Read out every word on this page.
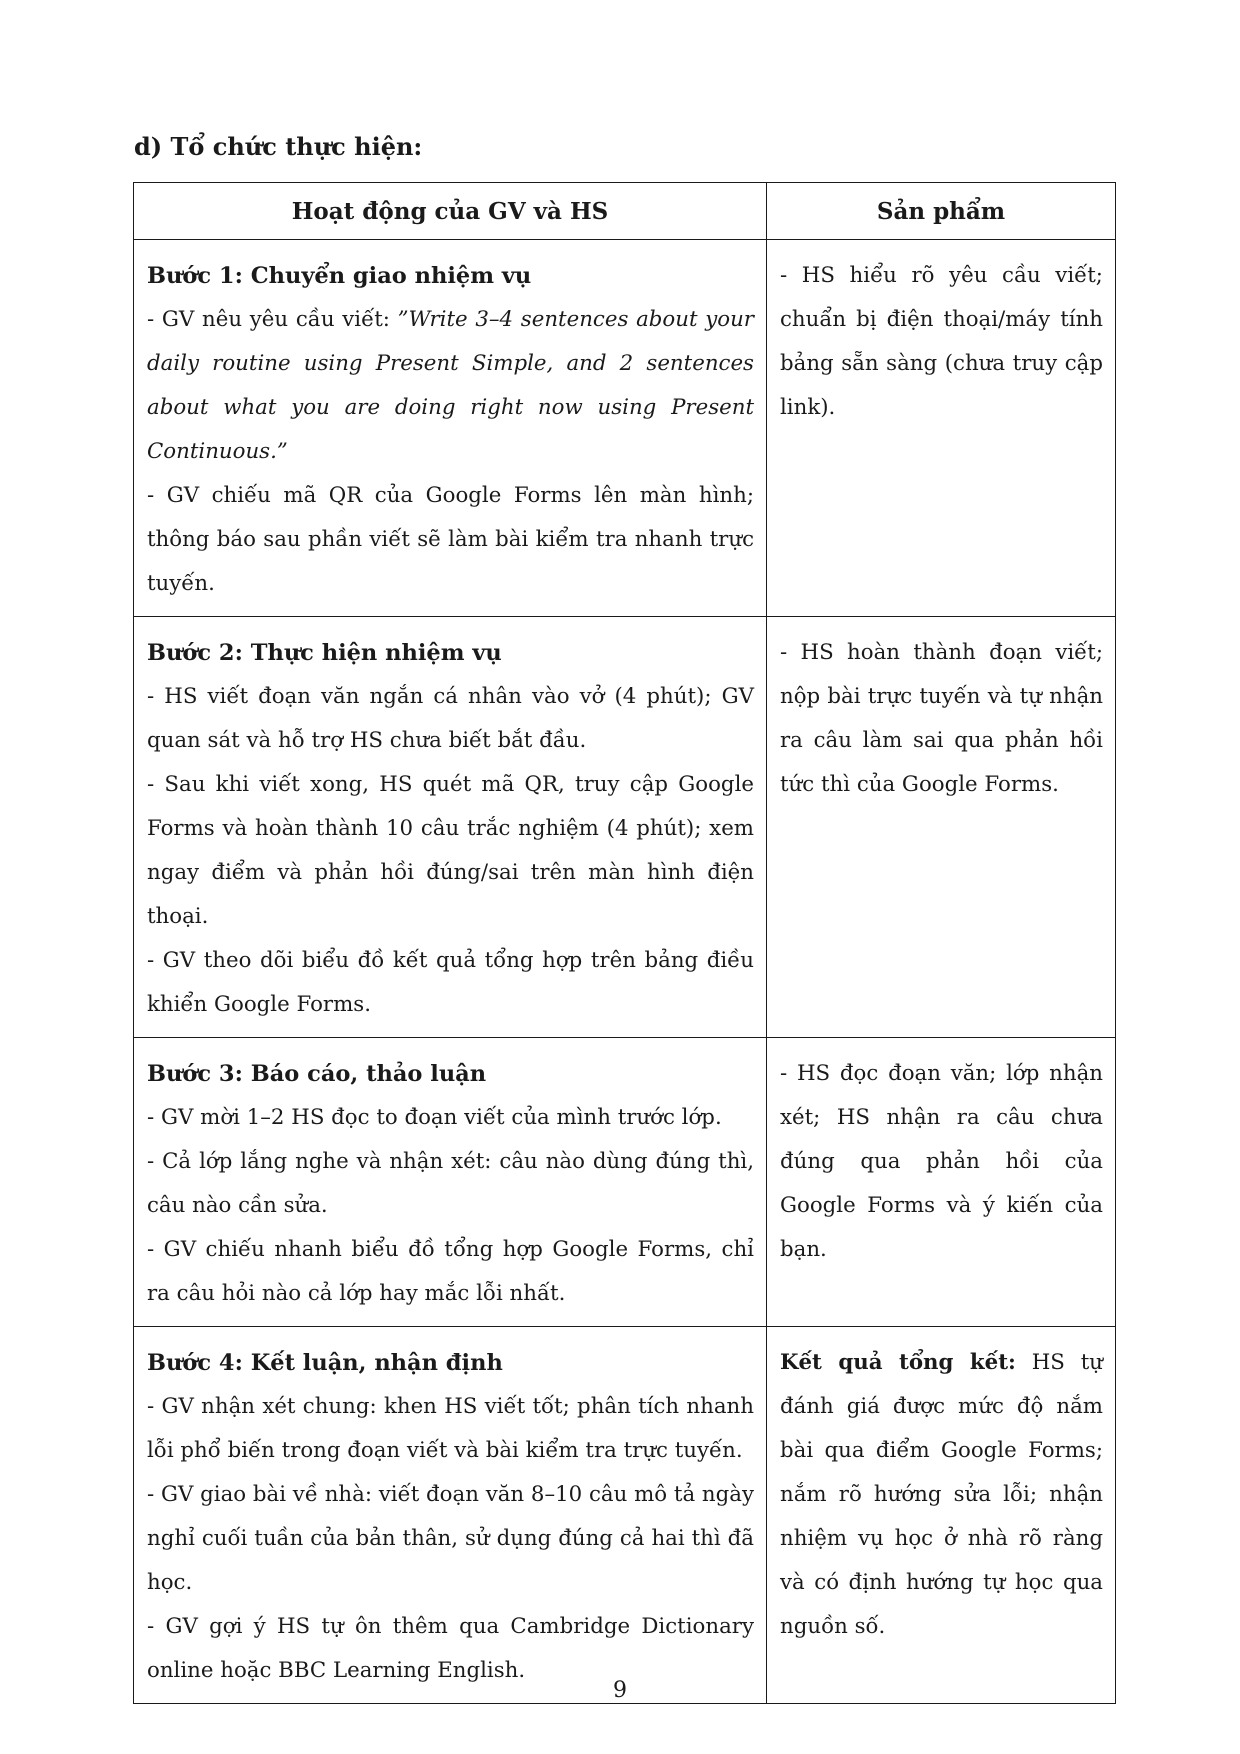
d) Tổ chức thực hiện:
Hoạt động của GV và HS	Sản phẩm

Bước 1: Chuyển giao nhiệm vụ
- GV nêu yêu cầu viết: ”Write 3–4 sentences about your daily routine using Present Simple, and 2 sentences about what you are doing right now using Present Continuous.”
- GV chiếu mã QR của Google Forms lên màn hình; thông báo sau phần viết sẽ làm bài kiểm tra nhanh trực tuyến.	- HS hiểu rõ yêu cầu viết; chuẩn bị điện thoại/máy tính bảng sẵn sàng (chưa truy cập link).

Bước 2: Thực hiện nhiệm vụ
- HS viết đoạn văn ngắn cá nhân vào vở (4 phút); GV quan sát và hỗ trợ HS chưa biết bắt đầu.
- Sau khi viết xong, HS quét mã QR, truy cập Google Forms và hoàn thành 10 câu trắc nghiệm (4 phút); xem ngay điểm và phản hồi đúng/sai trên màn hình điện thoại.
- GV theo dõi biểu đồ kết quả tổng hợp trên bảng điều khiển Google Forms.	- HS hoàn thành đoạn viết; nộp bài trực tuyến và tự nhận ra câu làm sai qua phản hồi tức thì của Google Forms.

Bước 3: Báo cáo, thảo luận
- GV mời 1–2 HS đọc to đoạn viết của mình trước lớp.
- Cả lớp lắng nghe và nhận xét: câu nào dùng đúng thì, câu nào cần sửa.
- GV chiếu nhanh biểu đồ tổng hợp Google Forms, chỉ ra câu hỏi nào cả lớp hay mắc lỗi nhất.	- HS đọc đoạn văn; lớp nhận xét; HS nhận ra câu chưa đúng qua phản hồi của Google Forms và ý kiến của bạn.

Bước 4: Kết luận, nhận định
- GV nhận xét chung: khen HS viết tốt; phân tích nhanh lỗi phổ biến trong đoạn viết và bài kiểm tra trực tuyến.
- GV giao bài về nhà: viết đoạn văn 8–10 câu mô tả ngày nghỉ cuối tuần của bản thân, sử dụng đúng cả hai thì đã học.
- GV gợi ý HS tự ôn thêm qua Cambridge Dictionary online hoặc BBC Learning English.	Kết quả tổng kết: HS tự đánh giá được mức độ nắm bài qua điểm Google Forms; nắm rõ hướng sửa lỗi; nhận nhiệm vụ học ở nhà rõ ràng và có định hướng tự học qua nguồn số.
9
